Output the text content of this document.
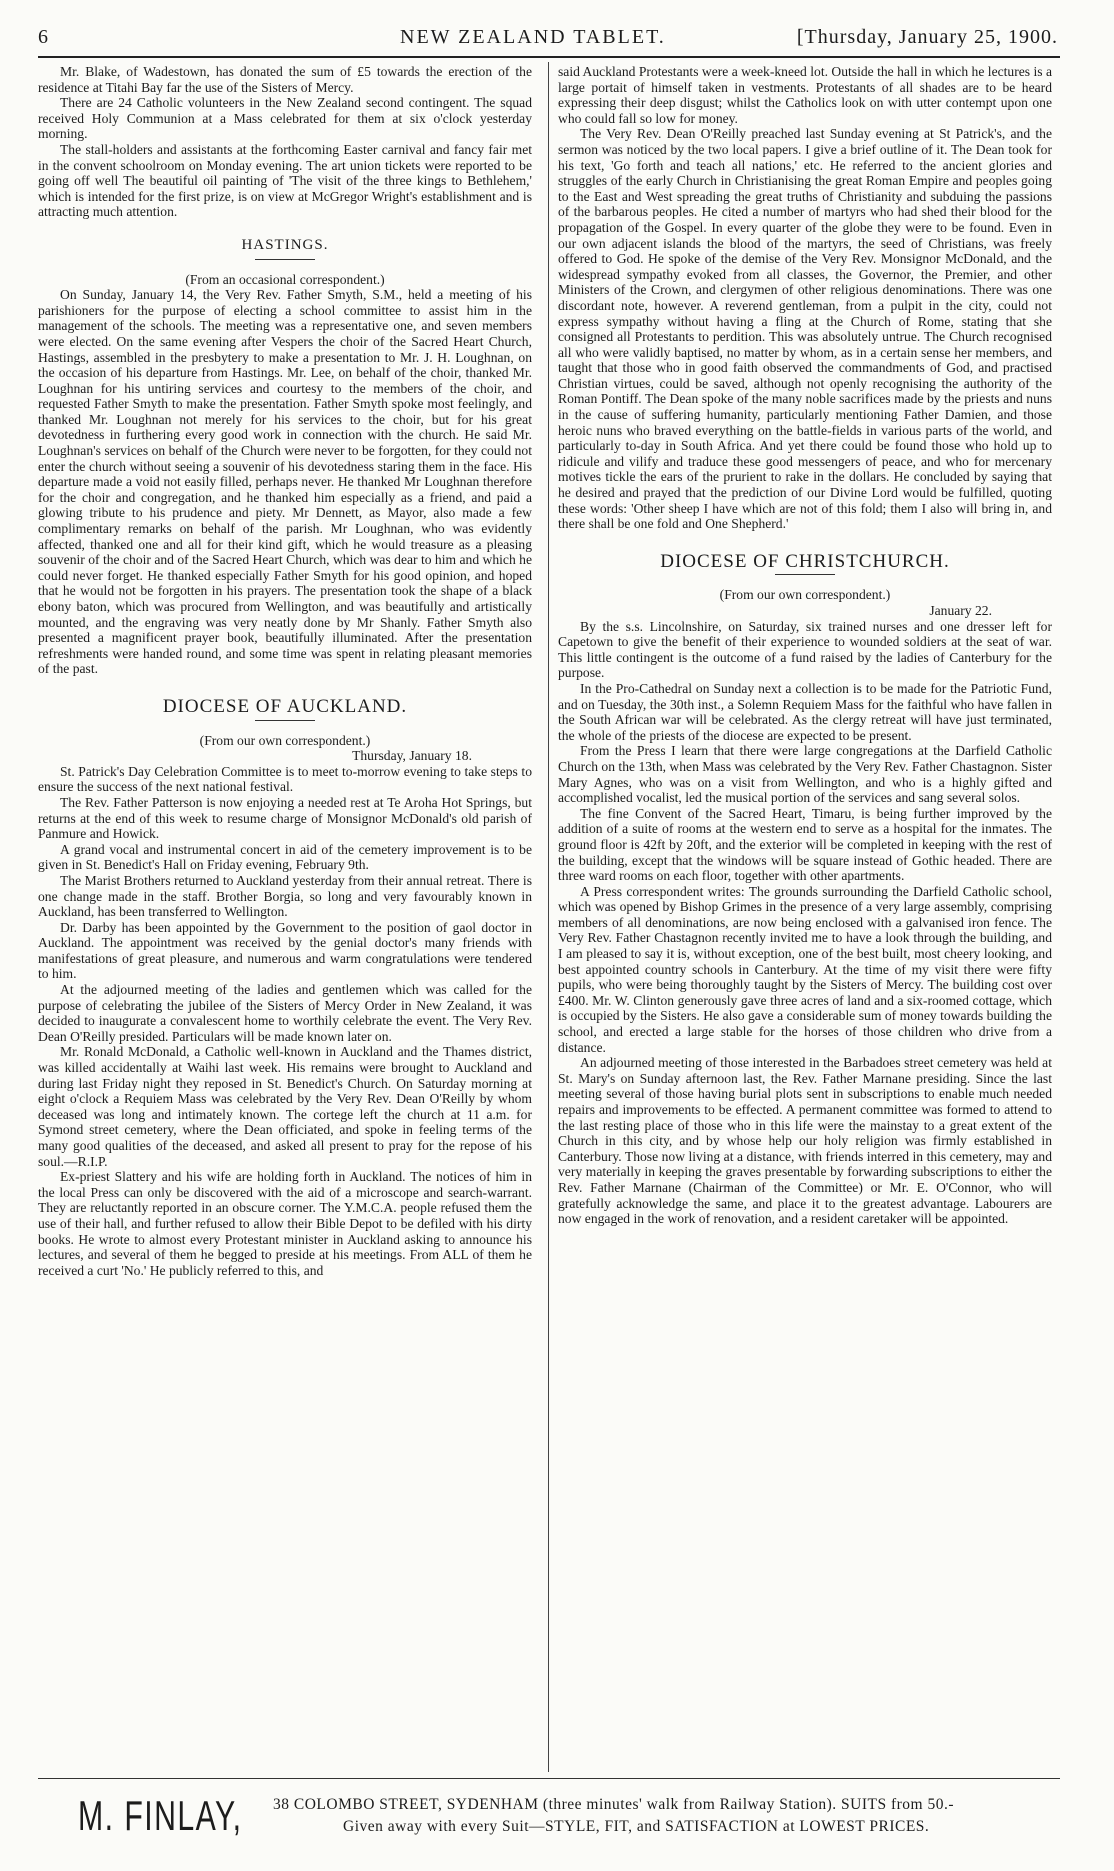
6	NEW ZEALAND TABLET.	[Thursday, January 25, 1900.

Mr. Blake, of Wadestown, has donated the sum of £5 towards the erection of the residence at Titahi Bay far the use of the Sisters of Mercy.

There are 24 Catholic volunteers in the New Zealand second contingent. The squad received Holy Communion at a Mass celebrated for them at six o'clock yesterday morning.

The stall-holders and assistants at the forthcoming Easter carnival and fancy fair met in the convent schoolroom on Monday evening. The art union tickets were reported to be going off well The beautiful oil painting of 'The visit of the three kings to Bethlehem,' which is intended for the first prize, is on view at McGregor Wright's establishment and is attracting much attention.

HASTINGS.
(From an occasional correspondent.)

On Sunday, January 14, the Very Rev. Father Smyth, S.M., held a meeting of his parishioners for the purpose of electing a school committee to assist him in the management of the schools. The meeting was a representative one, and seven members were elected. On the same evening after Vespers the choir of the Sacred Heart Church, Hastings, assembled in the presbytery to make a presentation to Mr. J. H. Loughnan, on the occasion of his departure from Hastings. Mr. Lee, on behalf of the choir, thanked Mr. Loughnan for his untiring services and courtesy to the members of the choir, and requested Father Smyth to make the presentation. Father Smyth spoke most feelingly, and thanked Mr. Loughnan not merely for his services to the choir, but for his great devotedness in furthering every good work in connection with the church. He said Mr. Loughnan's services on behalf of the Church were never to be forgotten, for they could not enter the church without seeing a souvenir of his devotedness staring them in the face. His departure made a void not easily filled, perhaps never. He thanked Mr Loughnan therefore for the choir and congregation, and he thanked him especially as a friend, and paid a glowing tribute to his prudence and piety. Mr Dennett, as Mayor, also made a few complimentary remarks on behalf of the parish. Mr Loughnan, who was evidently affected, thanked one and all for their kind gift, which he would treasure as a pleasing souvenir of the choir and of the Sacred Heart Church, which was dear to him and which he could never forget. He thanked especially Father Smyth for his good opinion, and hoped that he would not be forgotten in his prayers. The presentation took the shape of a black ebony baton, which was procured from Wellington, and was beautifully and artistically mounted, and the engraving was very neatly done by Mr Shanly. Father Smyth also presented a magnificent prayer book, beautifully illuminated. After the presentation refreshments were handed round, and some time was spent in relating pleasant memories of the past.

DIOCESE OF AUCKLAND.
(From our own correspondent.)
Thursday, January 18.

St. Patrick's Day Celebration Committee is to meet to-morrow evening to take steps to ensure the success of the next national festival.

The Rev. Father Patterson is now enjoying a needed rest at Te Aroha Hot Springs, but returns at the end of this week to resume charge of Monsignor McDonald's old parish of Panmure and Howick.

A grand vocal and instrumental concert in aid of the cemetery improvement is to be given in St. Benedict's Hall on Friday evening, February 9th.

The Marist Brothers returned to Auckland yesterday from their annual retreat. There is one change made in the staff. Brother Borgia, so long and very favourably known in Auckland, has been transferred to Wellington.

Dr. Darby has been appointed by the Government to the position of gaol doctor in Auckland. The appointment was received by the genial doctor's many friends with manifestations of great pleasure, and numerous and warm congratulations were tendered to him.

At the adjourned meeting of the ladies and gentlemen which was called for the purpose of celebrating the jubilee of the Sisters of Mercy Order in New Zealand, it was decided to inaugurate a convalescent home to worthily celebrate the event. The Very Rev. Dean O'Reilly presided. Particulars will be made known later on.

Mr. Ronald McDonald, a Catholic well-known in Auckland and the Thames district, was killed accidentally at Waihi last week. His remains were brought to Auckland and during last Friday night they reposed in St. Benedict's Church. On Saturday morning at eight o'clock a Requiem Mass was celebrated by the Very Rev. Dean O'Reilly by whom deceased was long and intimately known. The cortege left the church at 11 a.m. for Symond street cemetery, where the Dean officiated, and spoke in feeling terms of the many good qualities of the deceased, and asked all present to pray for the repose of his soul.—R.I.P.

Ex-priest Slattery and his wife are holding forth in Auckland. The notices of him in the local Press can only be discovered with the aid of a microscope and search-warrant. They are reluctantly reported in an obscure corner. The Y.M.C.A. people refused them the use of their hall, and further refused to allow their Bible Depot to be defiled with his dirty books. He wrote to almost every Protestant minister in Auckland asking to announce his lectures, and several of them he begged to preside at his meetings. From ALL of them he received a curt 'No.' He publicly referred to this, and

said Auckland Protestants were a week-kneed lot. Outside the hall in which he lectures is a large portait of himself taken in vestments. Protestants of all shades are to be heard expressing their deep disgust; whilst the Catholics look on with utter contempt upon one who could fall so low for money.

The Very Rev. Dean O'Reilly preached last Sunday evening at St Patrick's, and the sermon was noticed by the two local papers. I give a brief outline of it. The Dean took for his text, 'Go forth and teach all nations,' etc. He referred to the ancient glories and struggles of the early Church in Christianising the great Roman Empire and peoples going to the East and West spreading the great truths of Christianity and subduing the passions of the barbarous peoples. He cited a number of martyrs who had shed their blood for the propagation of the Gospel. In every quarter of the globe they were to be found. Even in our own adjacent islands the blood of the martyrs, the seed of Christians, was freely offered to God. He spoke of the demise of the Very Rev. Monsignor McDonald, and the widespread sympathy evoked from all classes, the Governor, the Premier, and other Ministers of the Crown, and clergymen of other religious denominations. There was one discordant note, however. A reverend gentleman, from a pulpit in the city, could not express sympathy without having a fling at the Church of Rome, stating that she consigned all Protestants to perdition. This was absolutely untrue. The Church recognised all who were validly baptised, no matter by whom, as in a certain sense her members, and taught that those who in good faith observed the commandments of God, and practised Christian virtues, could be saved, although not openly recognising the authority of the Roman Pontiff. The Dean spoke of the many noble sacrifices made by the priests and nuns in the cause of suffering humanity, particularly mentioning Father Damien, and those heroic nuns who braved everything on the battle-fields in various parts of the world, and particularly to-day in South Africa. And yet there could be found those who hold up to ridicule and vilify and traduce these good messengers of peace, and who for mercenary motives tickle the ears of the prurient to rake in the dollars. He concluded by saying that he desired and prayed that the prediction of our Divine Lord would be fulfilled, quoting these words: 'Other sheep I have which are not of this fold; them I also will bring in, and there shall be one fold and One Shepherd.'

DIOCESE OF CHRISTCHURCH.
(From our own correspondent.)
January 22.

By the s.s. Lincolnshire, on Saturday, six trained nurses and one dresser left for Capetown to give the benefit of their experience to wounded soldiers at the seat of war. This little contingent is the outcome of a fund raised by the ladies of Canterbury for the purpose.

In the Pro-Cathedral on Sunday next a collection is to be made for the Patriotic Fund, and on Tuesday, the 30th inst., a Solemn Requiem Mass for the faithful who have fallen in the South African war will be celebrated. As the clergy retreat will have just terminated, the whole of the priests of the diocese are expected to be present.

From the Press I learn that there were large congregations at the Darfield Catholic Church on the 13th, when Mass was celebrated by the Very Rev. Father Chastagnon. Sister Mary Agnes, who was on a visit from Wellington, and who is a highly gifted and accomplished vocalist, led the musical portion of the services and sang several solos.

The fine Convent of the Sacred Heart, Timaru, is being further improved by the addition of a suite of rooms at the western end to serve as a hospital for the inmates. The ground floor is 42ft by 20ft, and the exterior will be completed in keeping with the rest of the building, except that the windows will be square instead of Gothic headed. There are three ward rooms on each floor, together with other apartments.

A Press correspondent writes: The grounds surrounding the Darfield Catholic school, which was opened by Bishop Grimes in the presence of a very large assembly, comprising members of all denominations, are now being enclosed with a galvanised iron fence. The Very Rev. Father Chastagnon recently invited me to have a look through the building, and I am pleased to say it is, without exception, one of the best built, most cheery looking, and best appointed country schools in Canterbury. At the time of my visit there were fifty pupils, who were being thoroughly taught by the Sisters of Mercy. The building cost over £400. Mr. W. Clinton generously gave three acres of land and a six-roomed cottage, which is occupied by the Sisters. He also gave a considerable sum of money towards building the school, and erected a large stable for the horses of those children who drive from a distance.

An adjourned meeting of those interested in the Barbadoes street cemetery was held at St. Mary's on Sunday afternoon last, the Rev. Father Marnane presiding. Since the last meeting several of those having burial plots sent in subscriptions to enable much needed repairs and improvements to be effected. A permanent committee was formed to attend to the last resting place of those who in this life were the mainstay to a great extent of the Church in this city, and by whose help our holy religion was firmly established in Canterbury. Those now living at a distance, with friends interred in this cemetery, may and very materially in keeping the graves presentable by forwarding subscriptions to either the Rev. Father Marnane (Chairman of the Committee) or Mr. E. O'Connor, who will gratefully acknowledge the same, and place it to the greatest advantage. Labourers are now engaged in the work of renovation, and a resident caretaker will be appointed.

M. FINLAY, 38 COLOMBO STREET, SYDENHAM (three minutes' walk from Railway Station). SUITS from 50.-
Given away with every Suit—STYLE, FIT, and SATISFACTION at LOWEST PRICES.
